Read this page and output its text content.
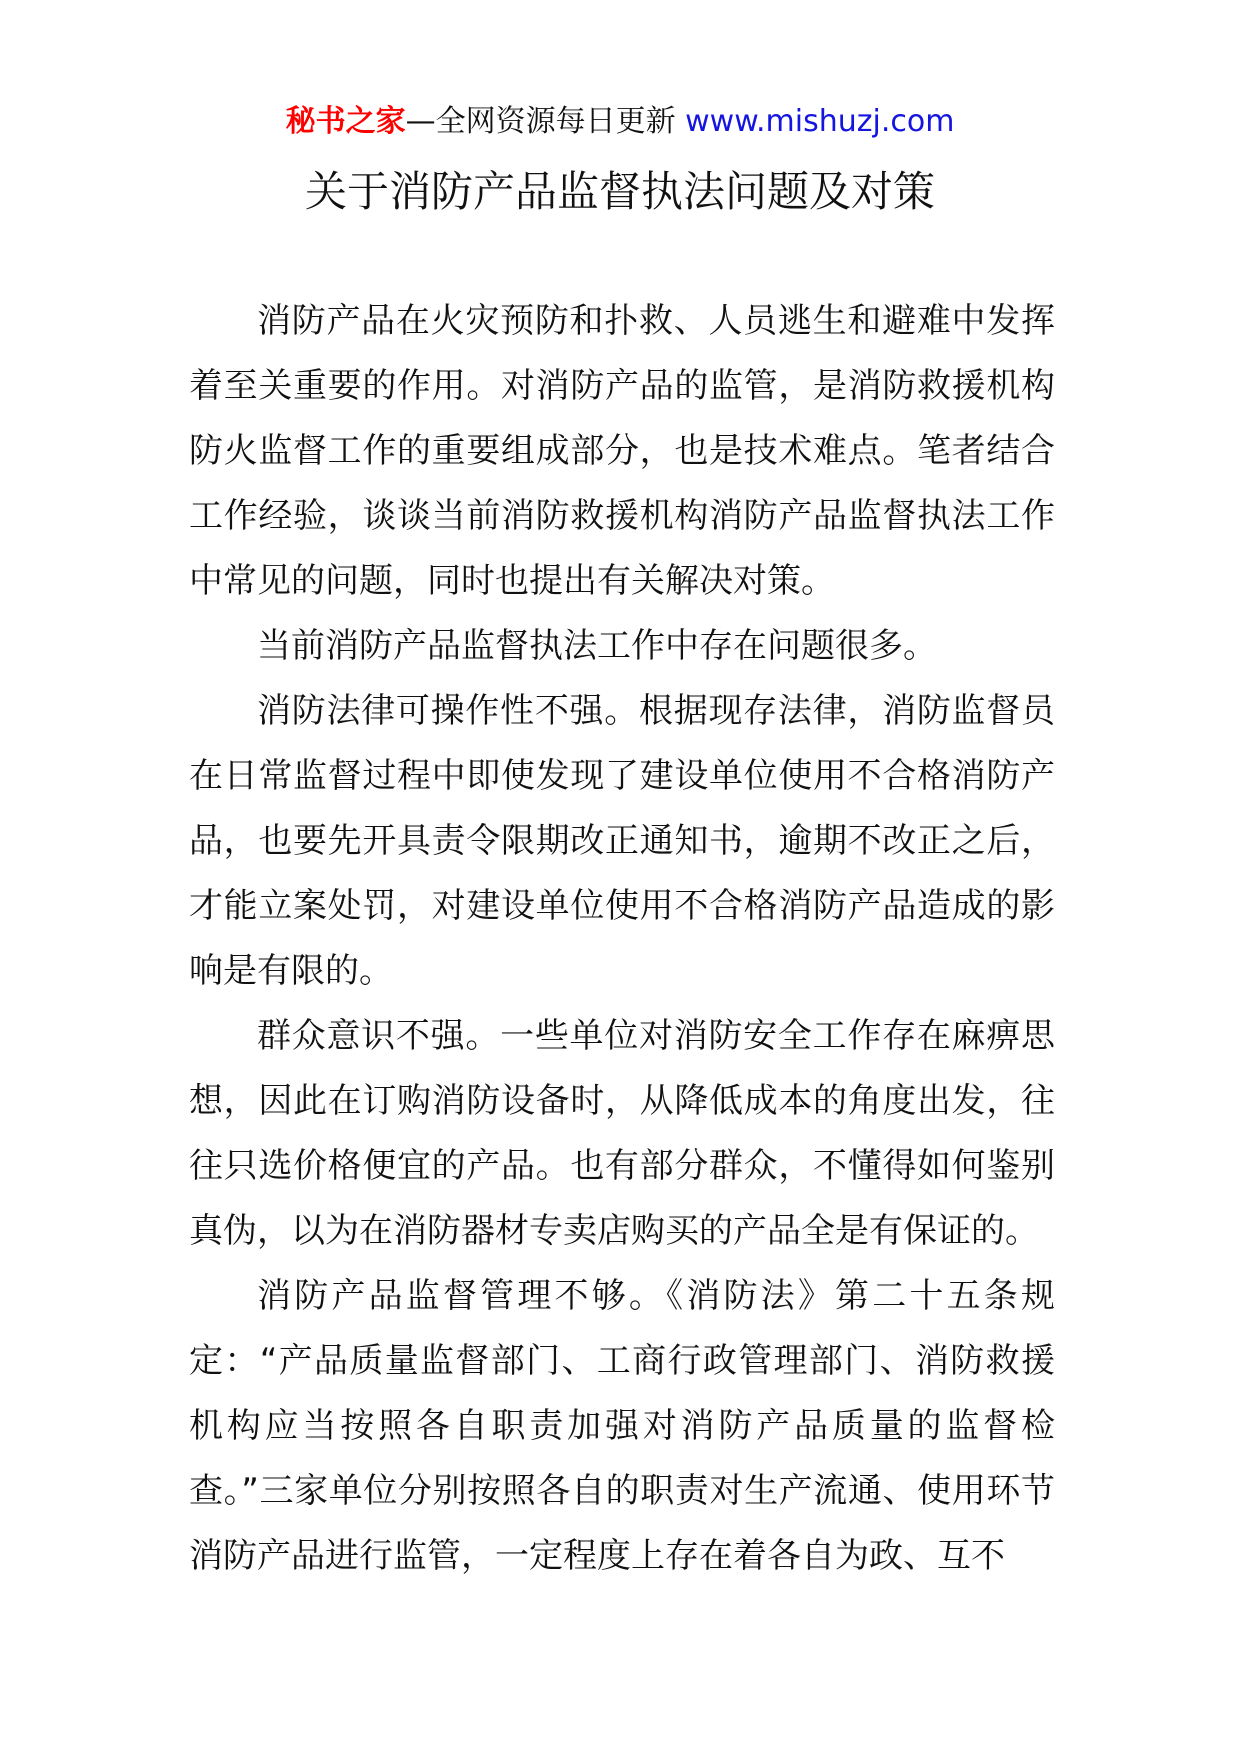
秘书之家—全网资源每日更新 www.mishuzj.com
关于消防产品监督执法问题及对策

消防产品在火灾预防和扑救、人员逃生和避难中发挥着至关重要的作用。对消防产品的监管，是消防救援机构防火监督工作的重要组成部分，也是技术难点。笔者结合工作经验，谈谈当前消防救援机构消防产品监督执法工作中常见的问题，同时也提出有关解决对策。

当前消防产品监督执法工作中存在问题很多。

消防法律可操作性不强。根据现存法律，消防监督员在日常监督过程中即使发现了建设单位使用不合格消防产品，也要先开具责令限期改正通知书，逾期不改正之后，才能立案处罚，对建设单位使用不合格消防产品造成的影响是有限的。

群众意识不强。一些单位对消防安全工作存在麻痹思想，因此在订购消防设备时，从降低成本的角度出发，往往只选价格便宜的产品。也有部分群众，不懂得如何鉴别真伪，以为在消防器材专卖店购买的产品全是有保证的。

消防产品监督管理不够。《消防法》第二十五条规定：“产品质量监督部门、工商行政管理部门、消防救援机构应当按照各自职责加强对消防产品质量的监督检查。”三家单位分别按照各自的职责对生产流通、使用环节消防产品进行监管，一定程度上存在着各自为政、互不
